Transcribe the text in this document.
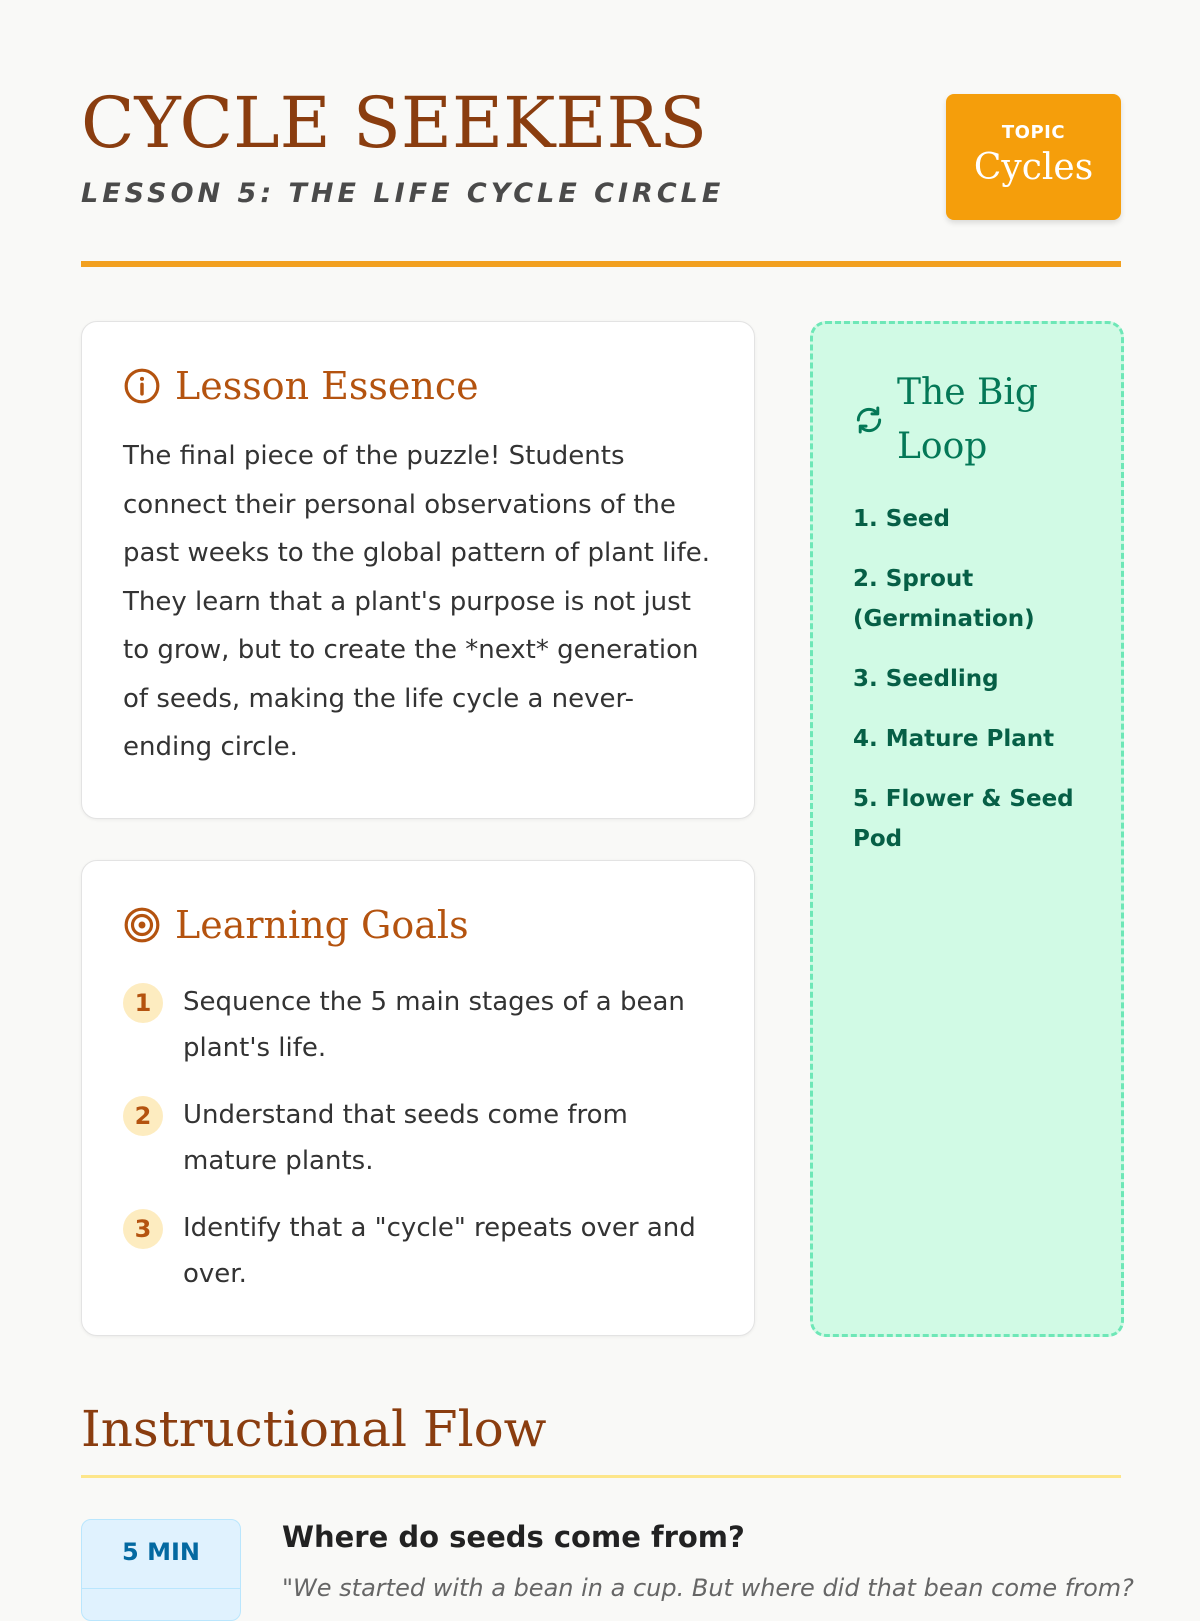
CYCLE SEEKERS

LESSON 5: THE LIFE CYCLE CIRCLE

TOPIC
Cycles
Lesson Essence

The final piece of the puzzle! Students connect their personal observations of the past weeks to the global pattern of plant life. They learn that a plant's purpose is not just to grow, but to create the *next* generation of seeds, making the life cycle a never-ending circle.

Learning Goals
1	Sequence the 5 main stages of a bean plant's life.
2	Understand that seeds come from mature plants.
3	Identify that a "cycle" repeats over and over.
The Big Loop
1. Seed
2. Sprout (Germination)
3. Seedling
4. Mature Plant
5. Flower & Seed Pod
Instructional Flow
5 MIN	Where do seeds come from?

"We started with a bean in a cup. But where did that bean come from?
